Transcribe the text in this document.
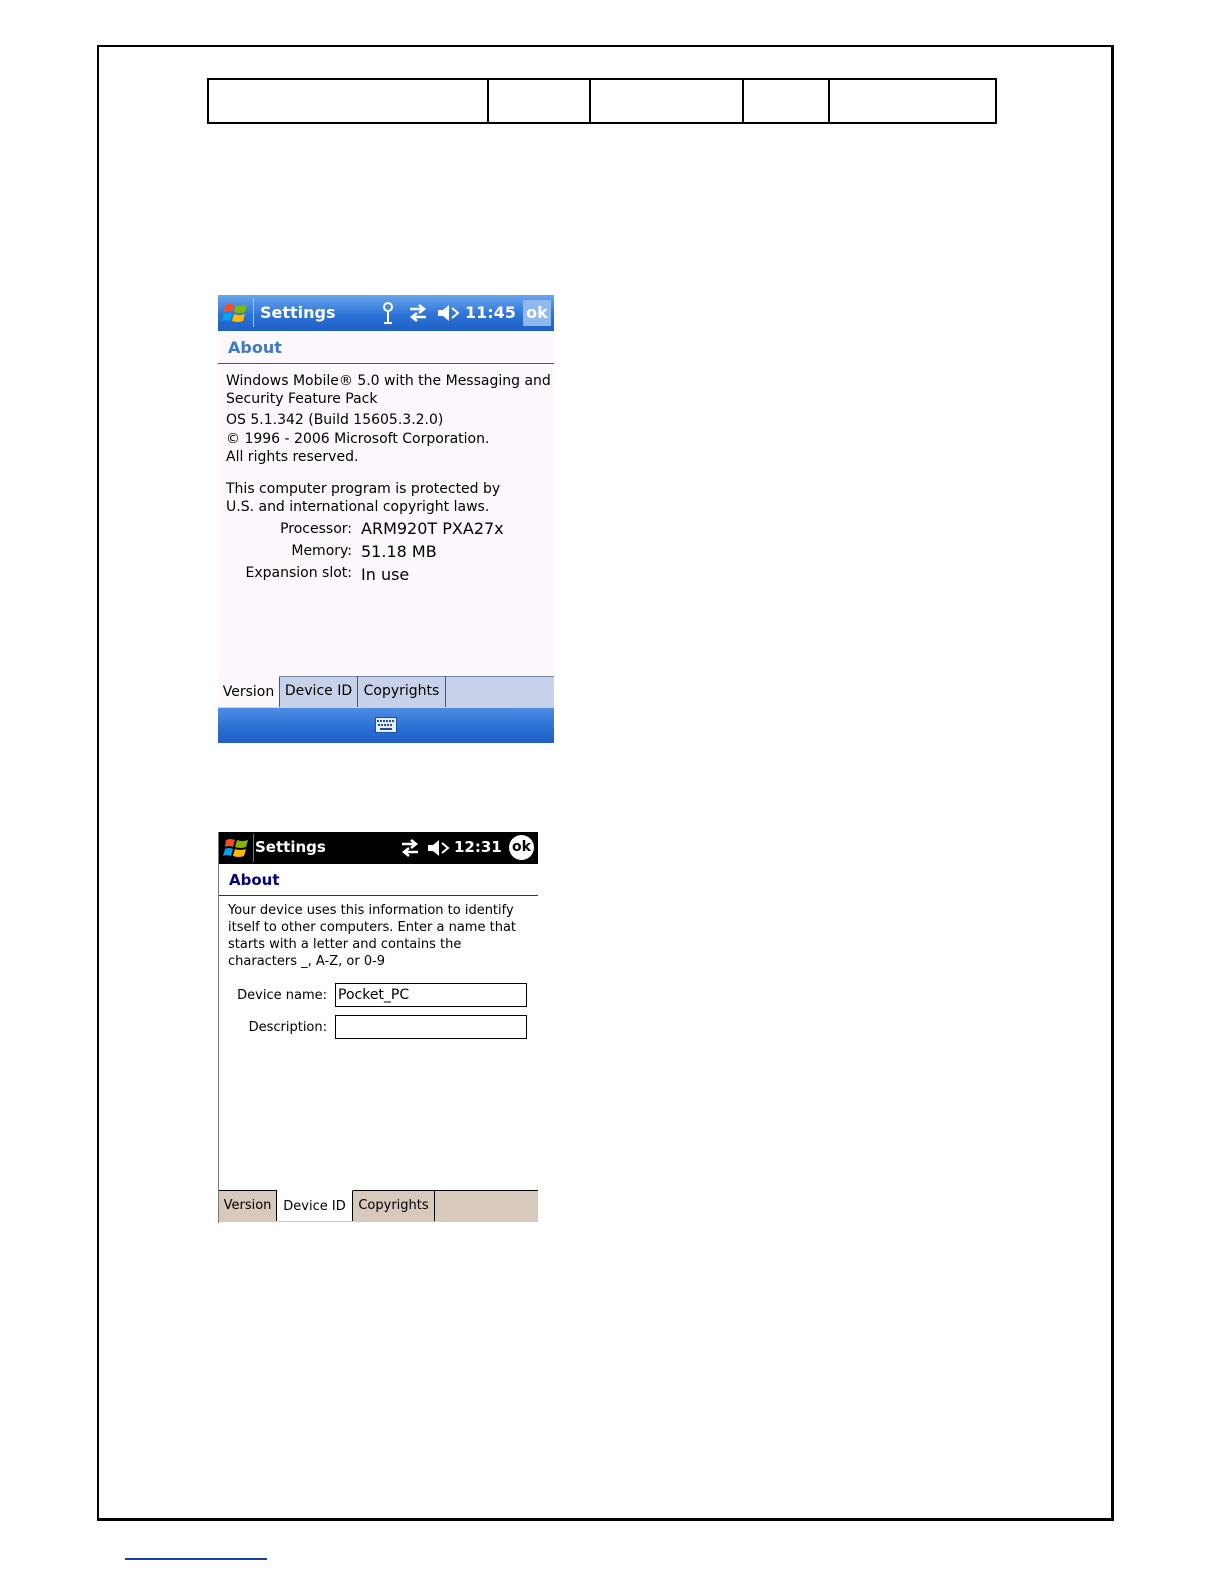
Settings	11:45 ok
About
Windows Mobile® 5.0 with the Messaging and
Security Feature Pack
OS 5.1.342 (Build 15605.3.2.0)
© 1996 - 2006 Microsoft Corporation.
All rights reserved.
This computer program is protected by
U.S. and international copyright laws.
Processor: ARM920T PXA27x
Memory: 51.18 MB
Expansion slot: In use
Version Device ID Copyrights
Settings	12:31 ok
About
Your device uses this information to identify
itself to other computers. Enter a name that
starts with a letter and contains the
characters _, A-Z, or 0-9
Device name:
Pocket_PC
Description:
Version Device ID Copyrights
